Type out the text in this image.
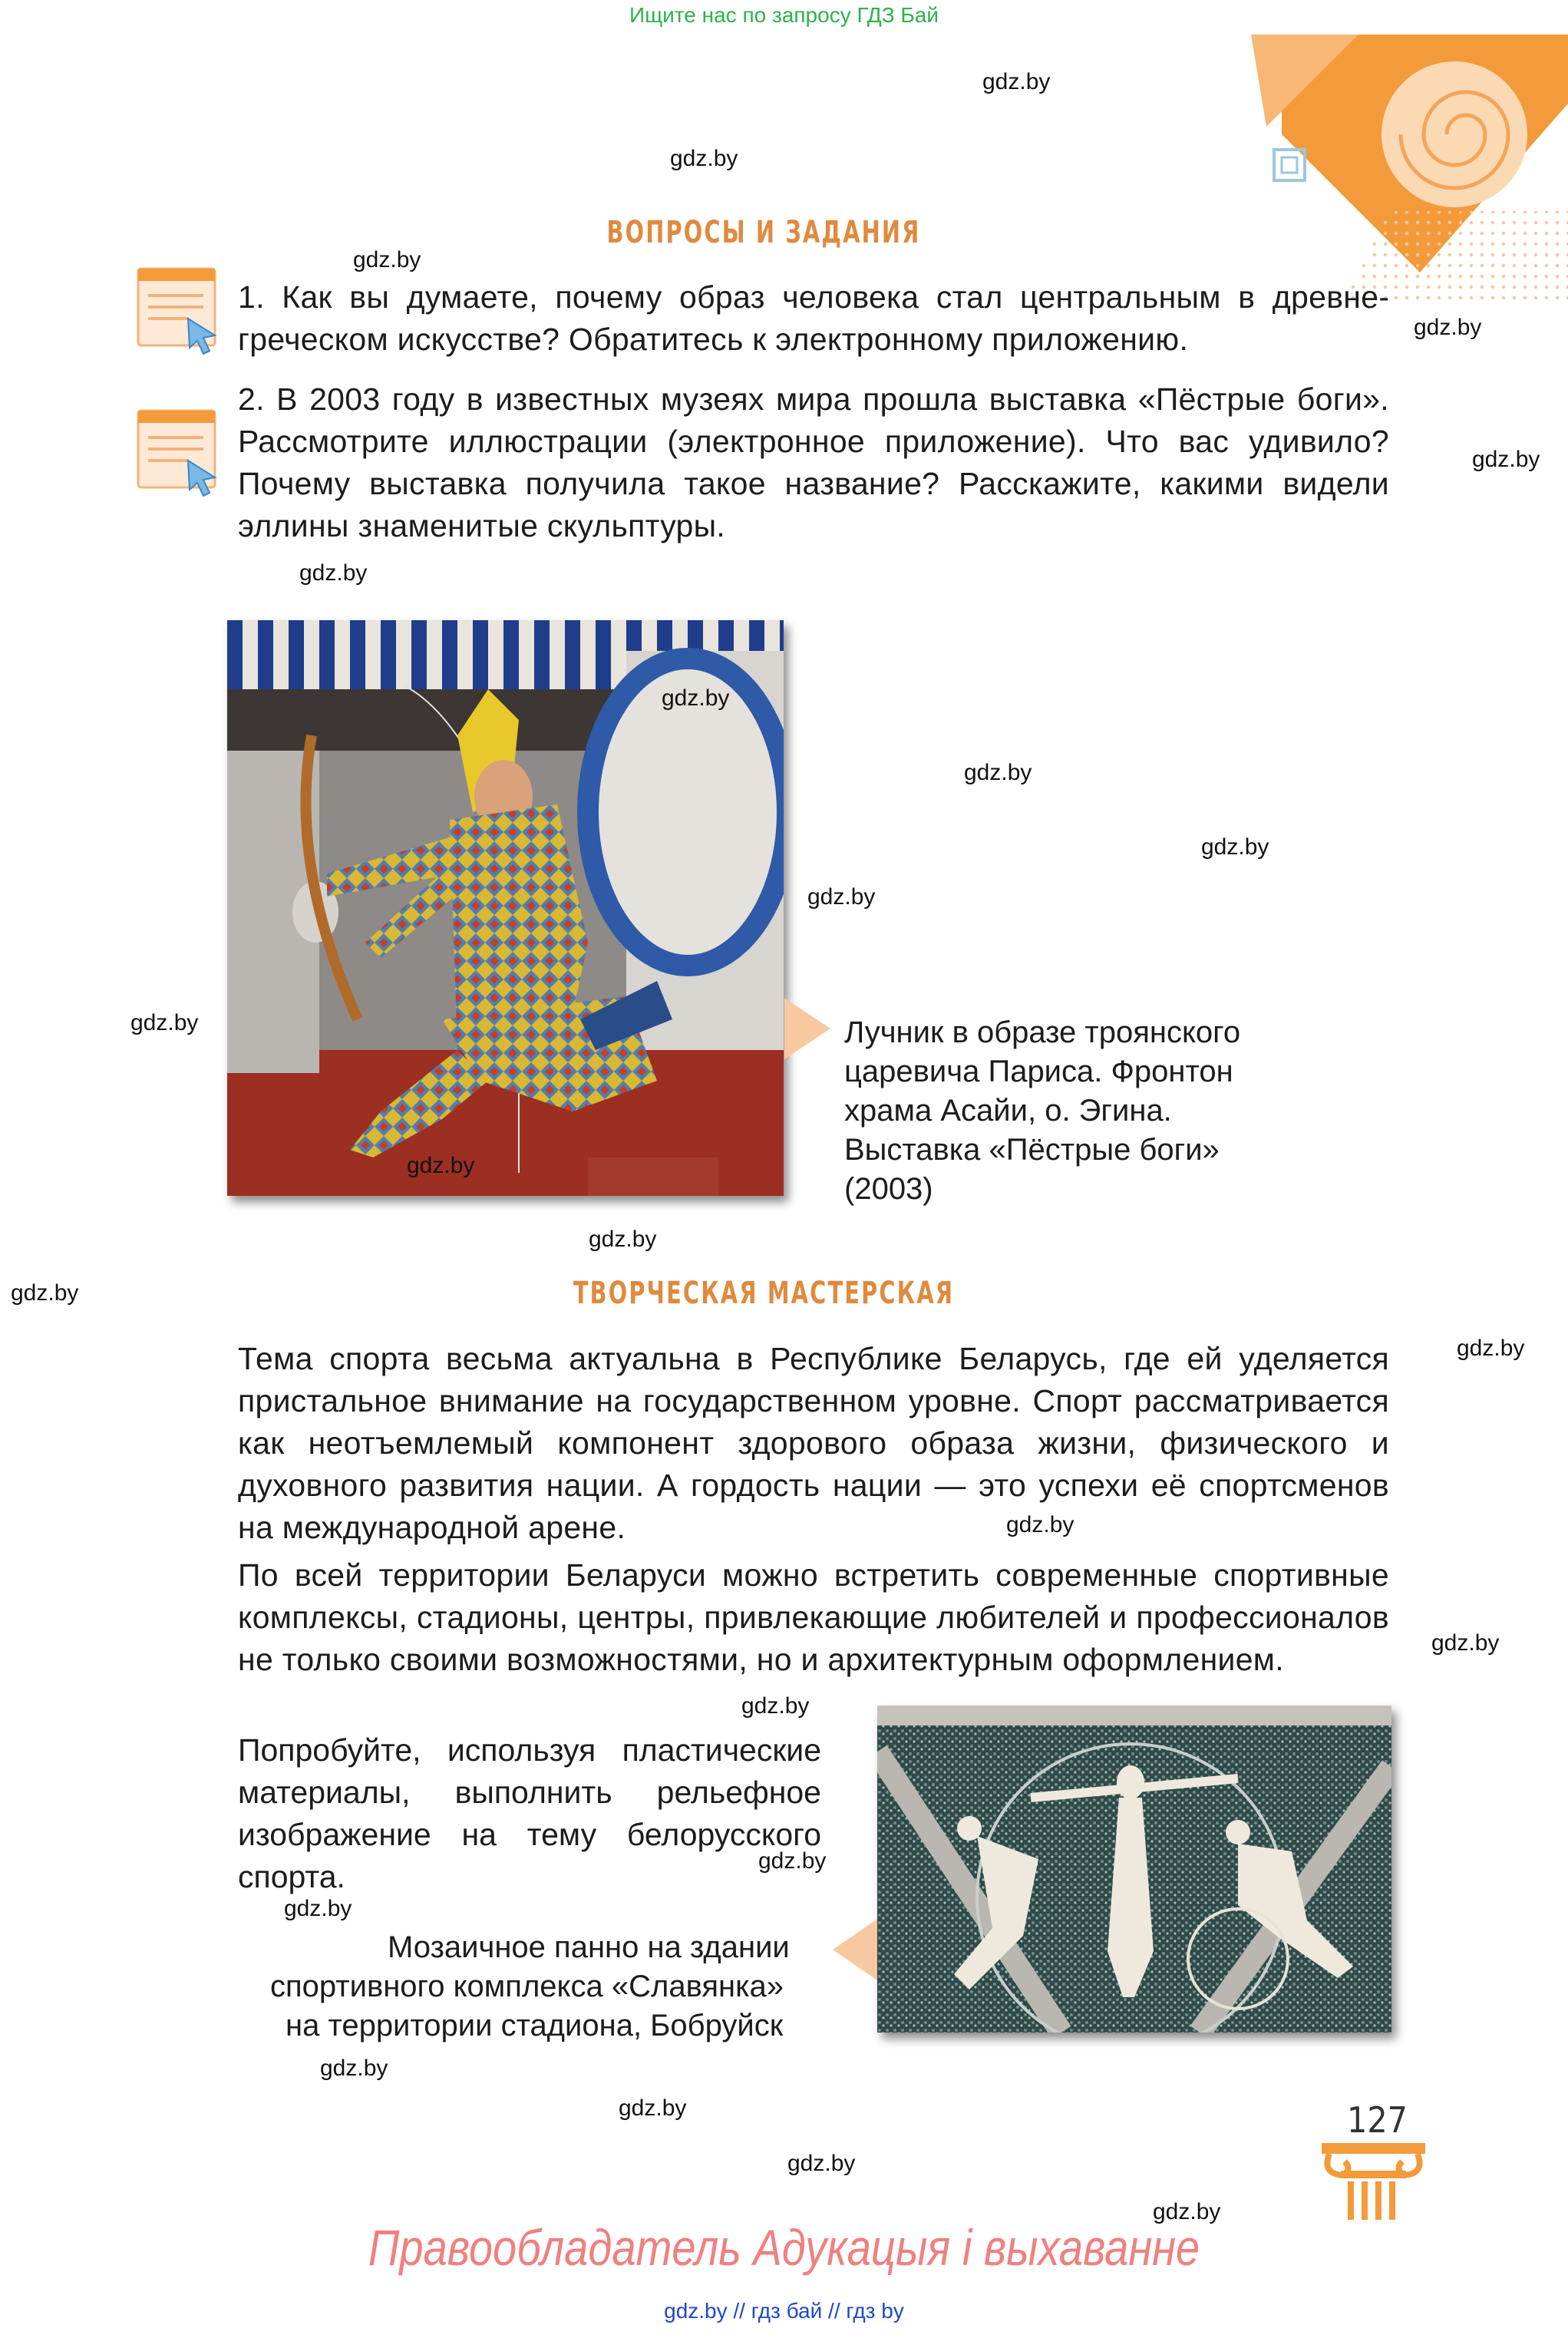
Ищите нас по запросу ГДЗ Бай
ВОПРОСЫ И ЗАДАНИЯ
1. Как вы думаете, почему образ человека стал центральным в древнегреческом искусстве? Обратитесь к электронному приложению.
2. В 2003 году в известных музеях мира прошла выставка «Пёстрые боги». Рассмотрите иллюстрации (электронное приложение). Что вас удивило? Почему выставка получила такое название? Расскажите, какими видели эллины знаменитые скульптуры.
Лучник в образе троянского
царевича Париса. Фронтон
храма Асайи, о. Эгина.
Выставка «Пёстрые боги»
(2003)
ТВОРЧЕСКАЯ МАСТЕРСКАЯ
Тема спорта весьма актуальна в Республике Беларусь, где ей уделяется пристальное внимание на государственном уровне. Спорт рассматривается как неотъемлемый компонент здорового образа жизни, физического и духовного развития нации. А гордость нации — это успехи её спортсменов на международной арене.
По всей территории Беларуси можно встретить современные спортивные комплексы, стадионы, центры, привлекающие любителей и профессионалов не только своими возможностями, но и архитектурным оформлением.
Попробуйте, используя пластические материалы, выполнить рельефное изображение на тему белорусского спорта.
Мозаичное панно на здании
спортивного комплекса «Славянка»
на территории стадиона, Бобруйск
127
gdz.by
gdz.by
gdz.by
gdz.by
gdz.by
gdz.by
gdz.by
gdz.by
gdz.by
gdz.by
gdz.by
gdz.by
gdz.by
gdz.by
gdz.by
gdz.by
gdz.by
gdz.by
gdz.by
gdz.by
gdz.by
gdz.by
gdz.by
gdz.by
Правообладатель Адукацыя і выхаванне
gdz.by // гдз бай // гдз by
